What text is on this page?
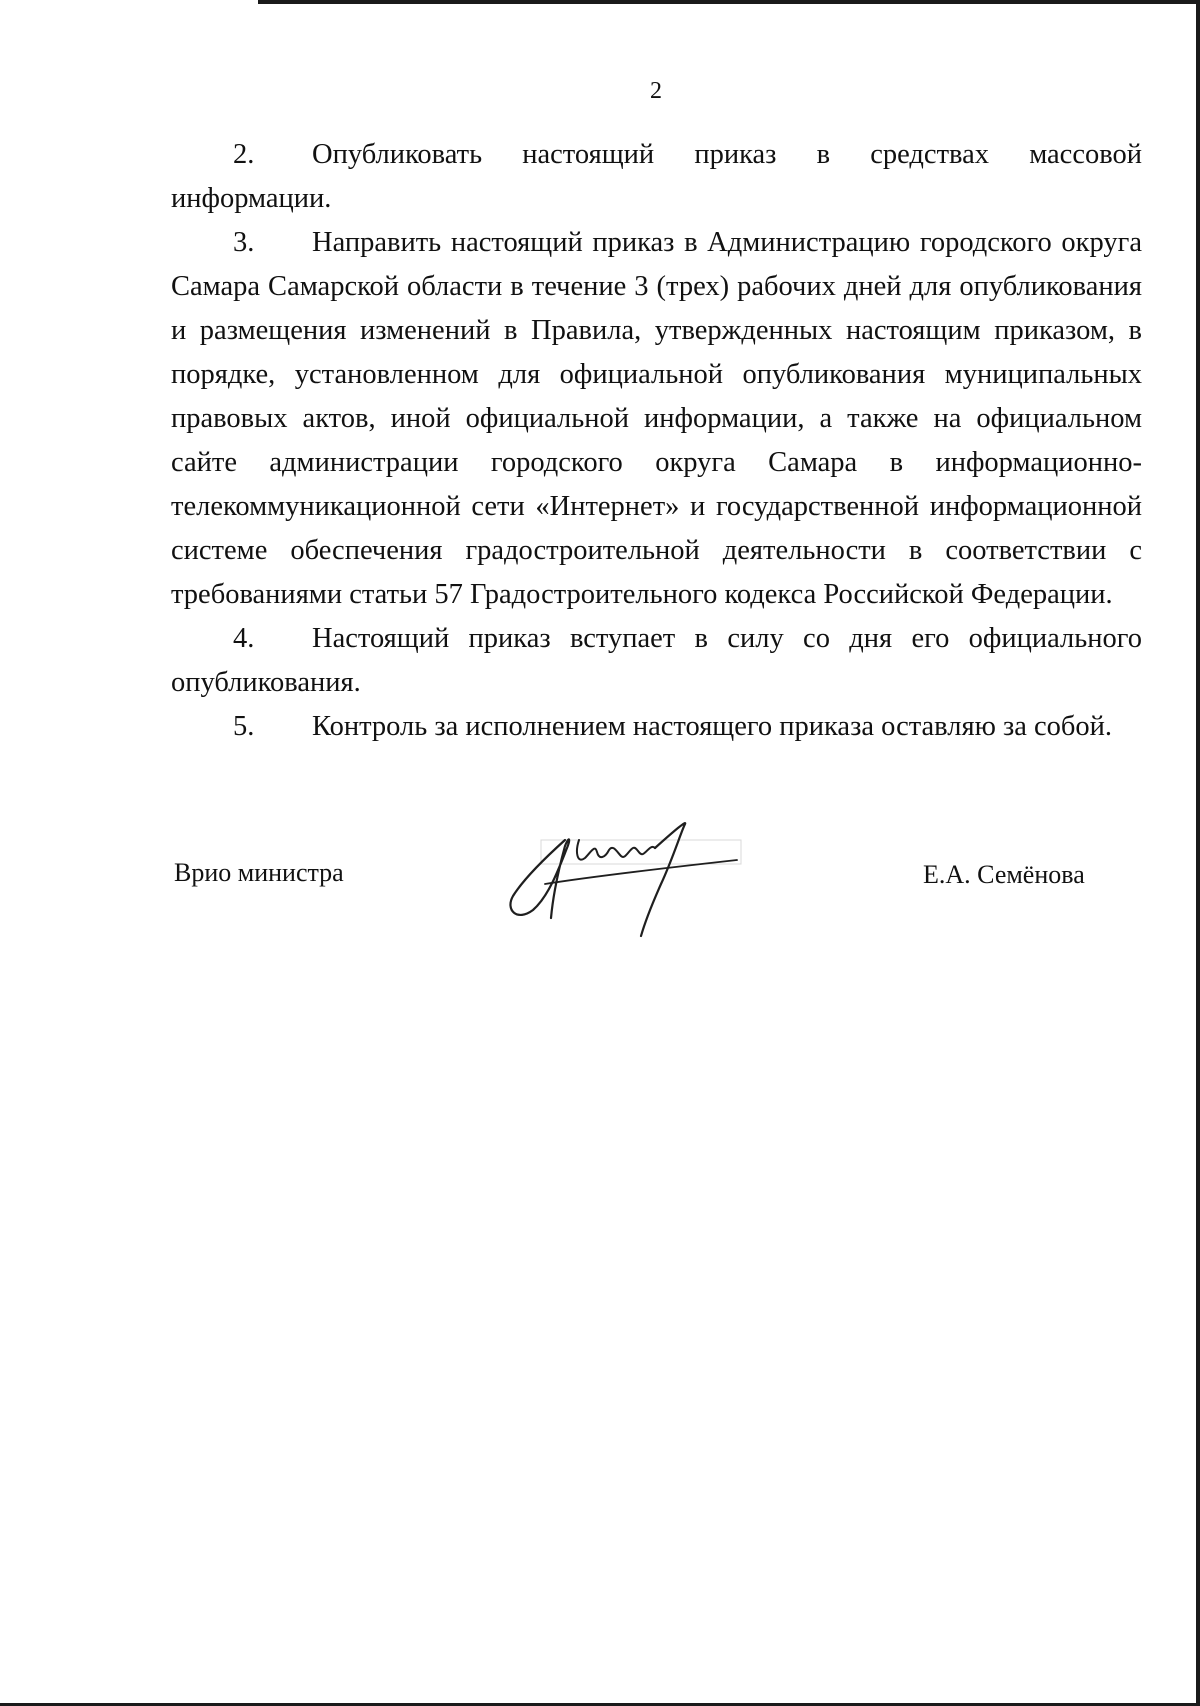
2

2. Опубликовать настоящий приказ в средствах массовой информации.

3. Направить настоящий приказ в Администрацию городского округа Самара Самарской области в течение 3 (трех) рабочих дней для опубликования и размещения изменений в Правила, утвержденных настоящим приказом, в порядке, установленном для официальной опубликования муниципальных правовых актов, иной официальной информации, а также на официальном сайте администрации городского округа Самара в информационно-телекоммуникационной сети «Интернет» и государственной информационной системе обеспечения градостроительной деятельности в соответствии с требованиями статьи 57 Градостроительного кодекса Российской Федерации.

4. Настоящий приказ вступает в силу со дня его официального опубликования.

5. Контроль за исполнением настоящего приказа оставляю за собой.

Врио министра	Е.А. Семёнова
